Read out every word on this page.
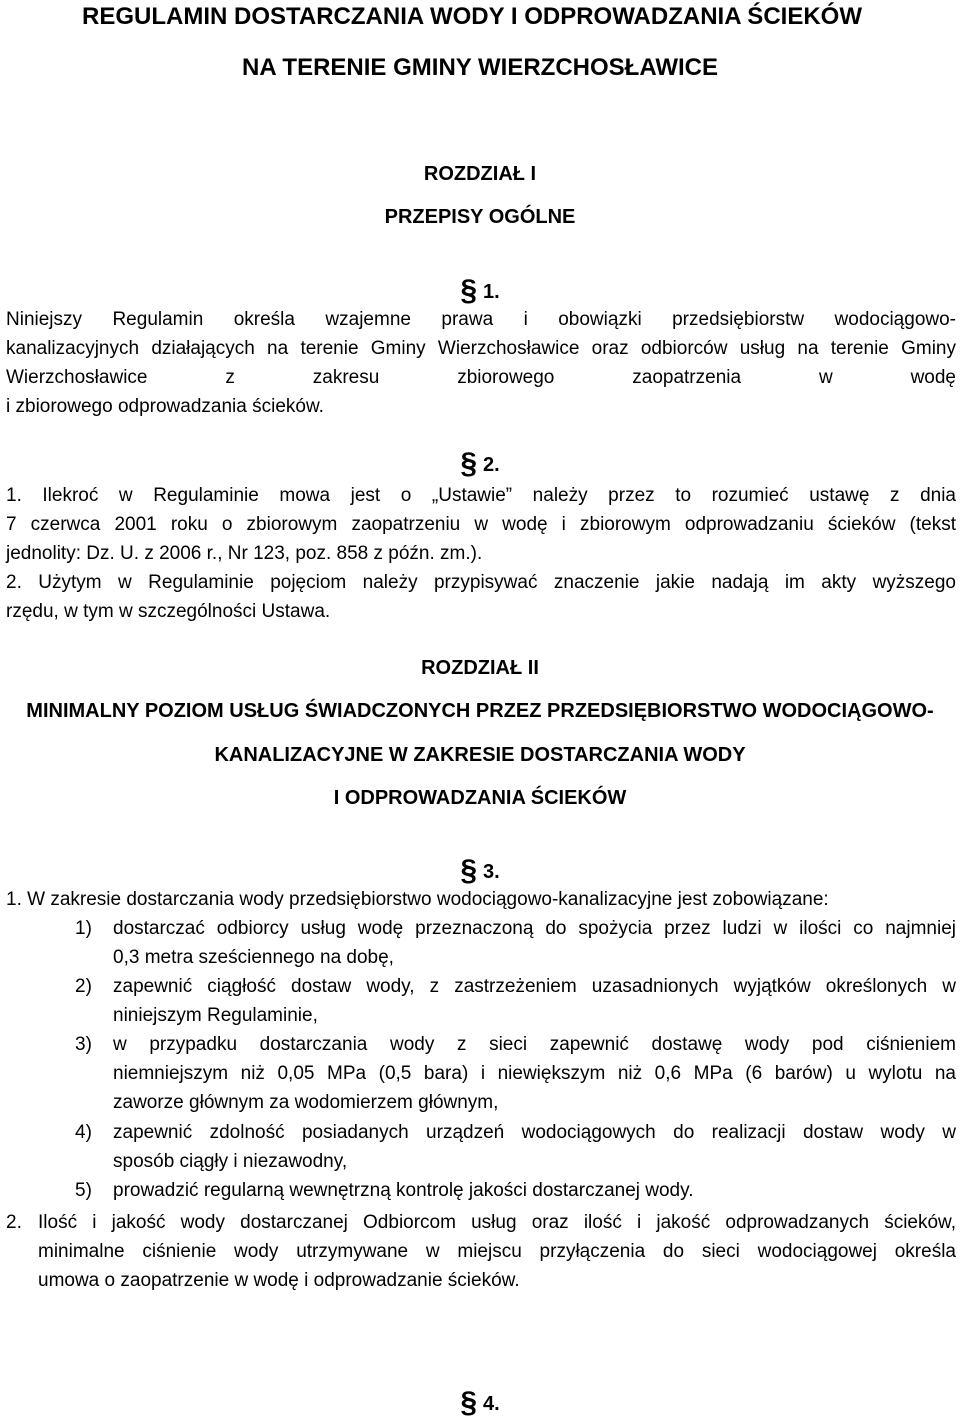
REGULAMIN DOSTARCZANIA WODY I ODPROWADZANIA ŚCIEKÓW
NA TERENIE GMINY WIERZCHOSŁAWICE
ROZDZIAŁ I
PRZEPISY OGÓLNE
§ 1.
Niniejszy Regulamin określa wzajemne prawa i obowiązki przedsiębiorstw wodociągowo-
kanalizacyjnych działających na terenie Gminy Wierzchosławice oraz odbiorców usług na terenie Gminy
Wierzchosławice z zakresu zbiorowego zaopatrzenia w wodę
i zbiorowego odprowadzania ścieków.
§ 2.
1. Ilekroć w Regulaminie mowa jest o „Ustawie” należy przez to rozumieć ustawę z dnia
7 czerwca 2001 roku o zbiorowym zaopatrzeniu w wodę i zbiorowym odprowadzaniu ścieków (tekst
jednolity: Dz. U. z 2006 r., Nr 123, poz. 858 z późn. zm.).
2. Użytym w Regulaminie pojęciom należy przypisywać znaczenie jakie nadają im akty wyższego
rzędu, w tym w szczególności Ustawa.
ROZDZIAŁ II
MINIMALNY POZIOM USŁUG ŚWIADCZONYCH PRZEZ PRZEDSIĘBIORSTWO WODOCIĄGOWO-
KANALIZACYJNE W ZAKRESIE DOSTARCZANIA WODY
I ODPROWADZANIA ŚCIEKÓW
§ 3.
1. W zakresie dostarczania wody przedsiębiorstwo wodociągowo-kanalizacyjne jest zobowiązane:
1) dostarczać odbiorcy usług wodę przeznaczoną do spożycia przez ludzi w ilości co najmniej
0,3 metra sześciennego na dobę,
2) zapewnić ciągłość dostaw wody, z zastrzeżeniem uzasadnionych wyjątków określonych w
niniejszym Regulaminie,
3) w przypadku dostarczania wody z sieci zapewnić dostawę wody pod ciśnieniem
niemniejszym niż 0,05 MPa (0,5 bara) i niewiększym niż 0,6 MPa (6 barów) u wylotu na
zaworze głównym za wodomierzem głównym,
4) zapewnić zdolność posiadanych urządzeń wodociągowych do realizacji dostaw wody w
sposób ciągły i niezawodny,
5) prowadzić regularną wewnętrzną kontrolę jakości dostarczanej wody.
2. Ilość i jakość wody dostarczanej Odbiorcom usług oraz ilość i jakość odprowadzanych ścieków,
minimalne ciśnienie wody utrzymywane w miejscu przyłączenia do sieci wodociągowej określa
umowa o zaopatrzenie w wodę i odprowadzanie ścieków.
§ 4.
